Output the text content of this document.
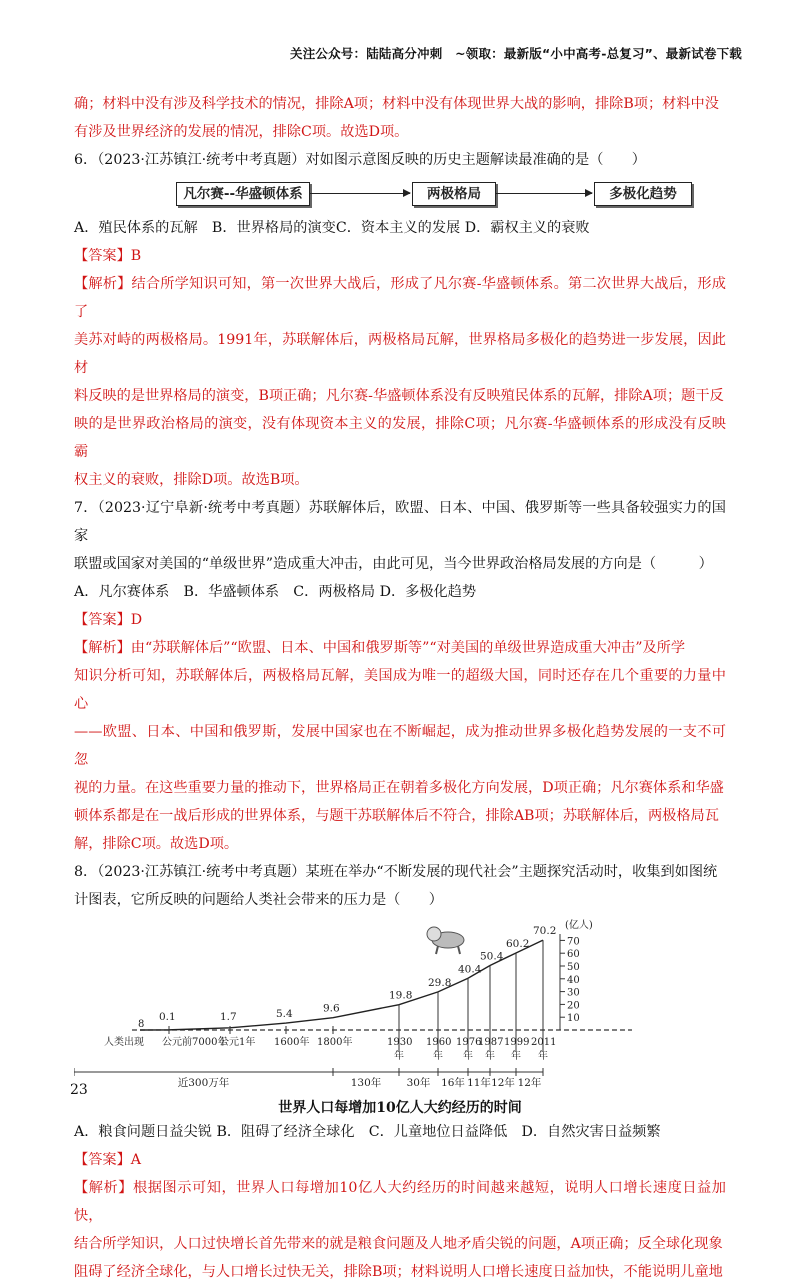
关注公众号：陆陆高分冲刺　~领取：最新版“小中高考-总复习”、最新试卷下载

确；材料中没有涉及科学技术的情况，排除A项；材料中没有体现世界大战的影响，排除B项；材料中没

有涉及世界经济的发展的情况，排除C项。故选D项。

6．（2023·江苏镇江·统考中考真题）对如图示意图反映的历史主题解读最准确的是（　　）

凡尔赛--华盛顿体系	两极格局	多极化趋势

A．殖民体系的瓦解　B．世界格局的演变C．资本主义的发展 D．霸权主义的衰败

【答案】B

【解析】结合所学知识可知，第一次世界大战后，形成了凡尔赛-华盛顿体系。第二次世界大战后，形成了

美苏对峙的两极格局。1991年，苏联解体后，两极格局瓦解，世界格局多极化的趋势进一步发展，因此材

料反映的是世界格局的演变，B项正确；凡尔赛-华盛顿体系没有反映殖民体系的瓦解，排除A项；题干反

映的是世界政治格局的演变，没有体现资本主义的发展，排除C项；凡尔赛-华盛顿体系的形成没有反映霸

权主义的衰败，排除D项。故选B项。

7．（2023·辽宁阜新·统考中考真题）苏联解体后，欧盟、日本、中国、俄罗斯等一些具备较强实力的国家

联盟或国家对美国的“单级世界”造成重大冲击，由此可见，当今世界政治格局发展的方向是（　　　）

A．凡尔赛体系　B．华盛顿体系　C．两极格局 D．多极化趋势

【答案】D

【解析】由“苏联解体后”“欧盟、日本、中国和俄罗斯等”“对美国的单级世界造成重大冲击”及所学

知识分析可知，苏联解体后，两极格局瓦解，美国成为唯一的超级大国，同时还存在几个重要的力量中心

——欧盟、日本、中国和俄罗斯，发展中国家也在不断崛起，成为推动世界多极化趋势发展的一支不可忽

视的力量。在这些重要力量的推动下，世界格局正在朝着多极化方向发展，D项正确；凡尔赛体系和华盛

顿体系都是在一战后形成的世界体系，与题干苏联解体后不符合，排除AB项；苏联解体后，两极格局瓦

解，排除C项。故选D项。

8．（2023·江苏镇江·统考中考真题）某班在举办“不断发展的现代社会”主题探究活动时，收集到如图统

计图表，它所反映的问题给人类社会带来的压力是（　　）

10
20
30
40
50
60
70
(亿人)
8
0.1	1.7	5.4	9.6
19.8
29.8
40.4
50.4
60.2
70.2
人类出现 公元前7000年
公元1年 1600年 1800年	1930
年
1960
年
1976
年
1987
年
1999
年
2011
年
近300万年	130年 30年 16年 11年 12年 12年
世界人口每增加10亿人大约经历的时间

A．粮食问题日益尖锐 B．阻碍了经济全球化　C．儿童地位日益降低　D．自然灾害日益频繁

【答案】A

【解析】根据图示可知，世界人口每增加10亿人大约经历的时间越来越短，说明人口增长速度日益加快，

结合所学知识，人口过快增长首先带来的就是粮食问题及人地矛盾尖锐的问题，A项正确；反全球化现象

阻碍了经济全球化，与人口增长过快无关，排除B项；材料说明人口增长速度日益加快，不能说明儿童地

23
